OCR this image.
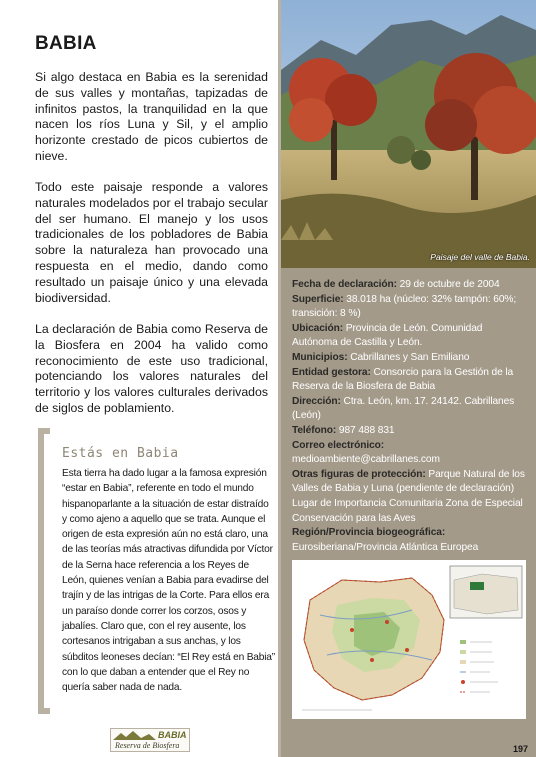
BABIA

Si algo destaca en Babia es la serenidad de sus valles y montañas, tapizadas de infinitos pastos, la tranquilidad en la que nacen los ríos Luna y Sil, y el amplio horizonte crestado de picos cubiertos de nieve.

Todo este paisaje responde a valores naturales modelados por el trabajo secular del ser humano. El manejo y los usos tradicionales de los pobladores de Babia sobre la naturaleza han provocado una respuesta en el medio, dando como resultado un paisaje único y una elevada biodiversidad.

La declaración de Babia como Reserva de la Biosfera en 2004 ha valido como reconocimiento de este uso tradicional, potenciando los valores naturales del territorio y los valores culturales derivados de siglos de poblamiento.

Estás en Babia

Esta tierra ha dado lugar a la famosa expresión “estar en Babia”, referente en todo el mundo hispanoparlante a la situación de estar distraído y como ajeno a aquello que se trata. Aunque el origen de esta expresión aún no está claro, una de las teorías más atractivas difundida por Víctor de la Serna hace referencia a los Reyes de León, quienes venían a Babia para evadirse del trajín y de las intrigas de la Corte. Para ellos era un paraíso donde correr los corzos, osos y jabalíes. Claro que, con el rey ausente, los cortesanos intrigaban a sus anchas, y los súbditos leoneses decían: “El Rey está en Babia” con lo que daban a entender que el Rey no quería saber nada de nada.

BABIA
Reserva de Biosfera
Paisaje del valle de Babia.
Fecha de declaración: 29 de octubre de 2004
Superficie: 38.018 ha (núcleo: 32% tampón: 60%; transición: 8 %)
Ubicación: Provincia de León. Comunidad Autónoma de Castilla y León.
Municipios: Cabrillanes y San Emiliano
Entidad gestora: Consorcio para la Gestión de la Reserva de la Biosfera de Babia
Dirección: Ctra. León, km. 17. 24142. Cabrillanes (León)
Teléfono: 987 488 831
Correo electrónico: medioambiente@cabrillanes.com
Otras figuras de protección: Parque Natural de los Valles de Babia y Luna (pendiente de declaración) Lugar de Importancia Comunitaria Zona de Especial Conservación para las Aves
Región/Provincia biogeográfica: Eurosiberiana/Provincia Atlántica Europea
197
